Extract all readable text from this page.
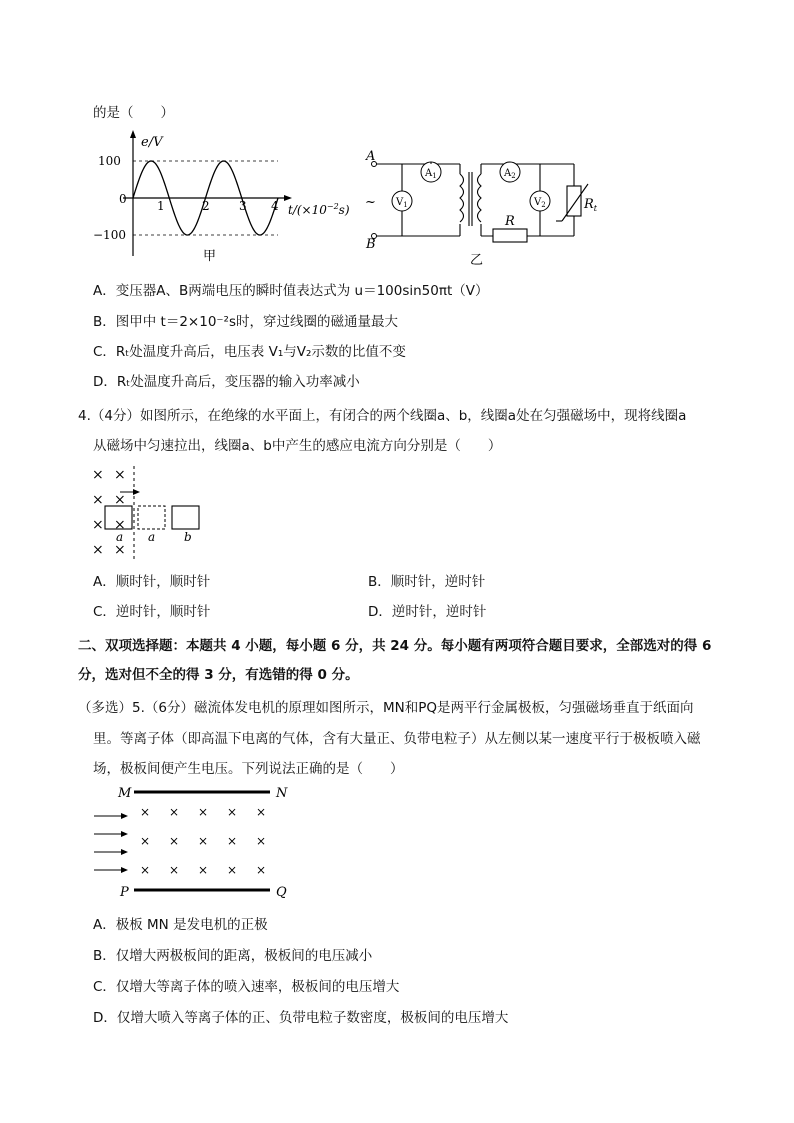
的是（　　）
e/V
100
0
−100
1	2 3 4 $t/(\times 10^{-2}s)$
甲
A
B
~
$A_1$	$A_2$
$V_1$	$V_2$
R
$R_t$
乙
A．变压器A、B两端电压的瞬时值表达式为 u＝100sin50πt（V）
B．图甲中 t＝2×10⁻²s时，穿过线圈的磁通量最大
C．Rₜ处温度升高后，电压表 V₁与V₂示数的比值不变
D．Rₜ处温度升高后，变压器的输入功率减小
4.（4分）如图所示，在绝缘的水平面上，有闭合的两个线圈a、b，线圈a处在匀强磁场中，现将线圈a
从磁场中匀速拉出，线圈a、b中产生的感应电流方向分别是（　　）
× ×
× ×
× ×
× ×
a a b
A．顺时针，顺时针	B．顺时针，逆时针
C．逆时针，顺时针	D．逆时针，逆时针
二、双项选择题：本题共 4 小题，每小题 6 分，共 24 分。每小题有两项符合题目要求，全部选对的得 6
分，选对但不全的得 3 分，有选错的得 0 分。
（多选）5.（6分）磁流体发电机的原理如图所示，MN和PQ是两平行金属极板，匀强磁场垂直于纸面向
里。等离子体（即高温下电离的气体，含有大量正、负带电粒子）从左侧以某一速度平行于极板喷入磁
场，极板间便产生电压。下列说法正确的是（　　）
M	N
P	Q
× × × × ×
× × × × ×
× × × × ×
A．极板 MN 是发电机的正极
B．仅增大两极板间的距离，极板间的电压减小
C．仅增大等离子体的喷入速率，极板间的电压增大
D．仅增大喷入等离子体的正、负带电粒子数密度，极板间的电压增大
